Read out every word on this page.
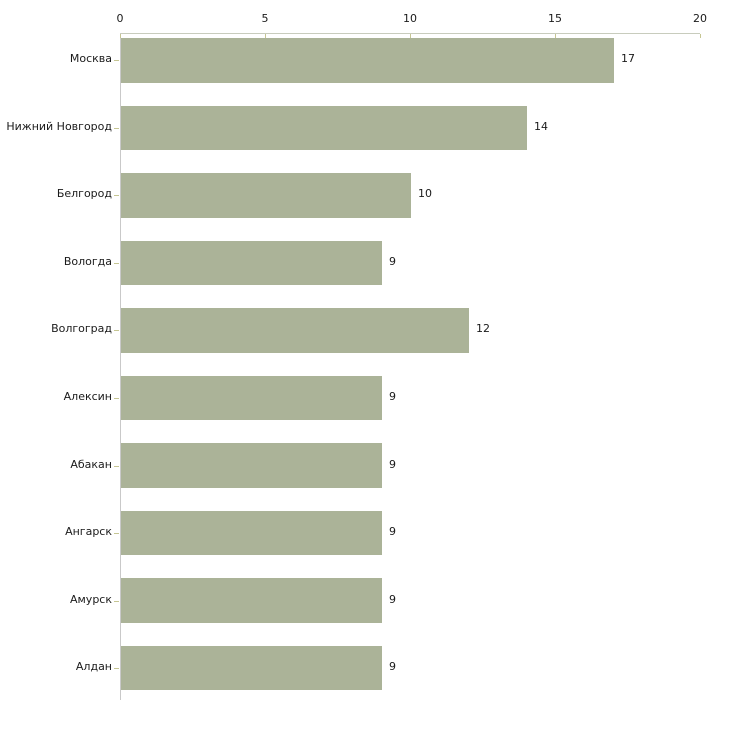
0	5	10	15	20
Москва	17
Нижний Новгород	14
Белгород	10
Вологда	9
Волгоград	12
Алексин	9
Абакан	9
Ангарск	9
Амурск	9
Алдан	9
